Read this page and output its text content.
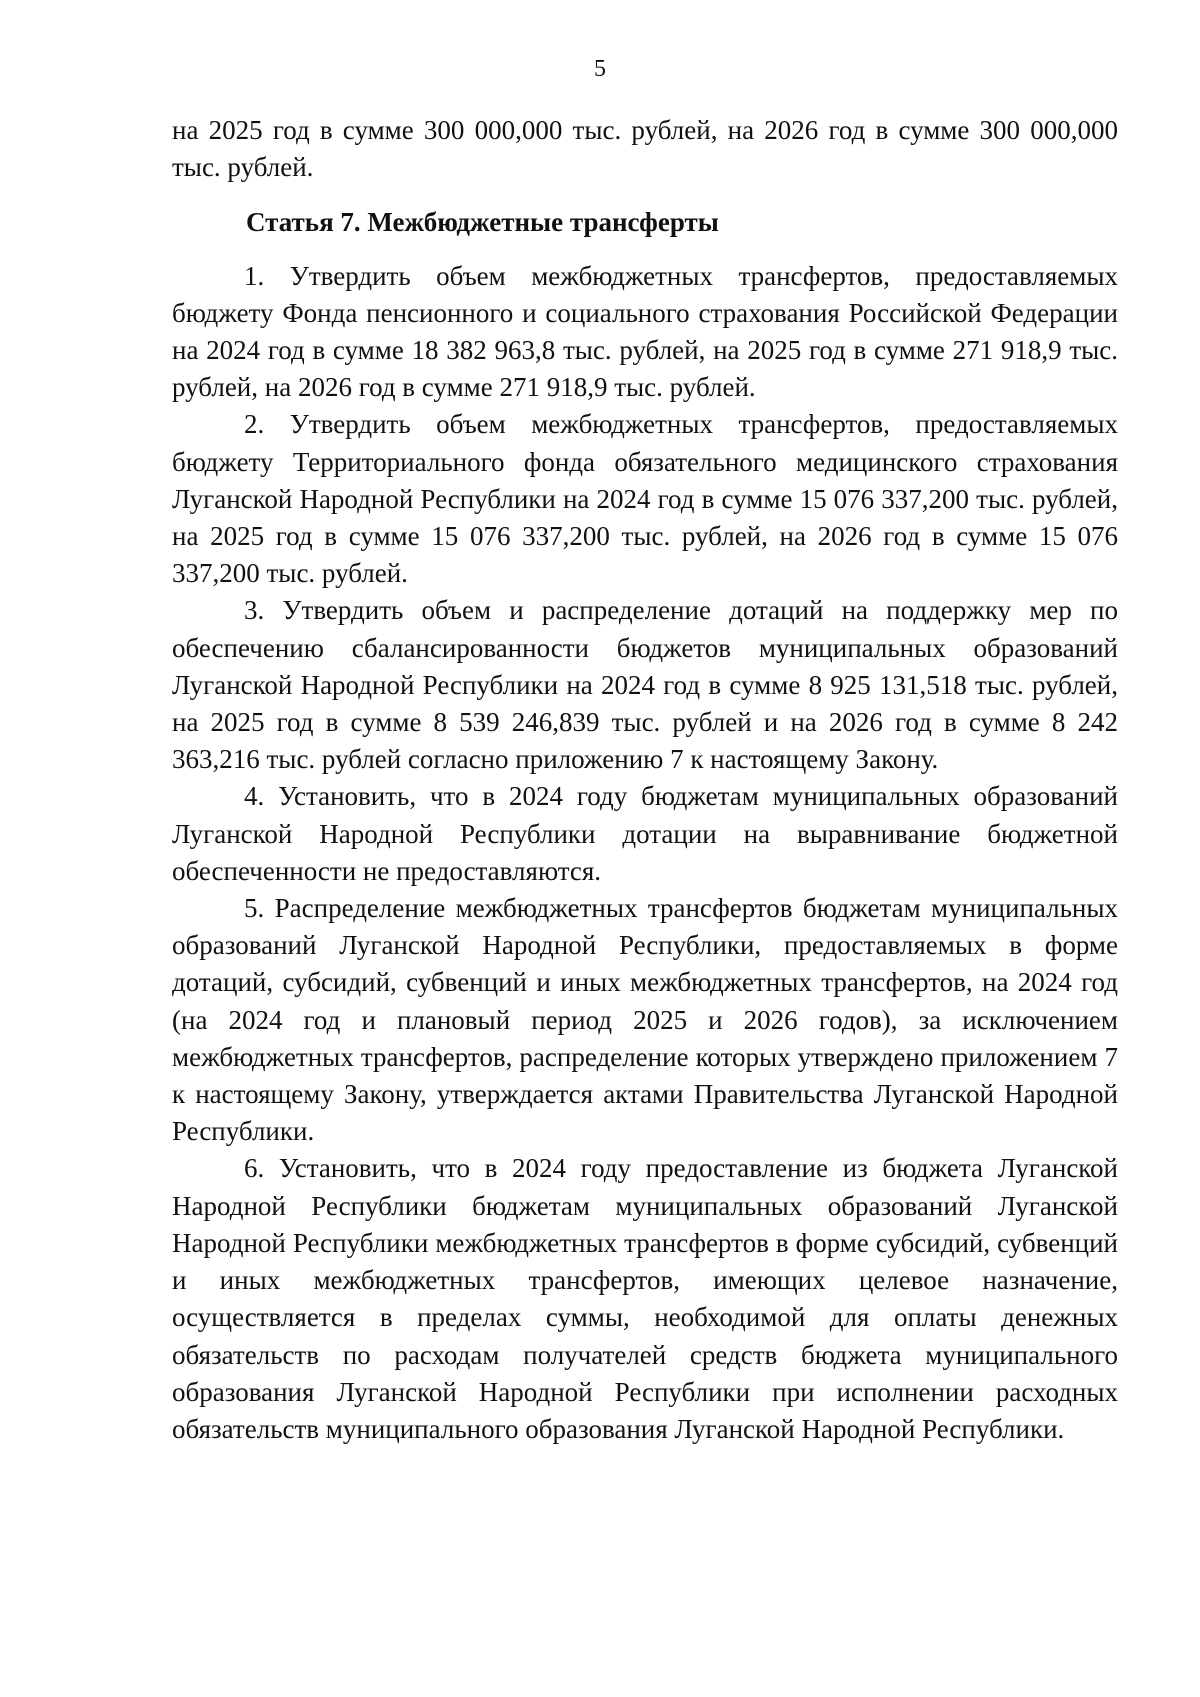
5

на 2025 год в сумме 300 000,000 тыс. рублей, на 2026 год в сумме 300 000,000 тыс. рублей.

Статья 7. Межбюджетные трансферты

1. Утвердить объем межбюджетных трансфертов, предоставляемых бюджету Фонда пенсионного и социального страхования Российской Федерации на 2024 год в сумме 18 382 963,8 тыс. рублей, на 2025 год в сумме 271 918,9 тыс. рублей, на 2026 год в сумме 271 918,9 тыс. рублей.

2. Утвердить объем межбюджетных трансфертов, предоставляемых бюджету Территориального фонда обязательного медицинского страхования Луганской Народной Республики на 2024 год в сумме 15 076 337,200 тыс. рублей, на 2025 год в сумме 15 076 337,200 тыс. рублей, на 2026 год в сумме 15 076 337,200 тыс. рублей.

3. Утвердить объем и распределение дотаций на поддержку мер по обеспечению сбалансированности бюджетов муниципальных образований Луганской Народной Республики на 2024 год в сумме 8 925 131,518 тыс. рублей, на 2025 год в сумме 8 539 246,839 тыс. рублей и на 2026 год в сумме 8 242 363,216 тыс. рублей согласно приложению 7 к настоящему Закону.

4. Установить, что в 2024 году бюджетам муниципальных образований Луганской Народной Республики дотации на выравнивание бюджетной обеспеченности не предоставляются.

5. Распределение межбюджетных трансфертов бюджетам муниципальных образований Луганской Народной Республики, предоставляемых в форме дотаций, субсидий, субвенций и иных межбюджетных трансфертов, на 2024 год (на 2024 год и плановый период 2025 и 2026 годов), за исключением межбюджетных трансфертов, распределение которых утверждено приложением 7 к настоящему Закону, утверждается актами Правительства Луганской Народной Республики.

6. Установить, что в 2024 году предоставление из бюджета Луганской Народной Республики бюджетам муниципальных образований Луганской Народной Республики межбюджетных трансфертов в форме субсидий, субвенций и иных межбюджетных трансфертов, имеющих целевое назначение, осуществляется в пределах суммы, необходимой для оплаты денежных обязательств по расходам получателей средств бюджета муниципального образования Луганской Народной Республики при исполнении расходных обязательств муниципального образования Луганской Народной Республики.
